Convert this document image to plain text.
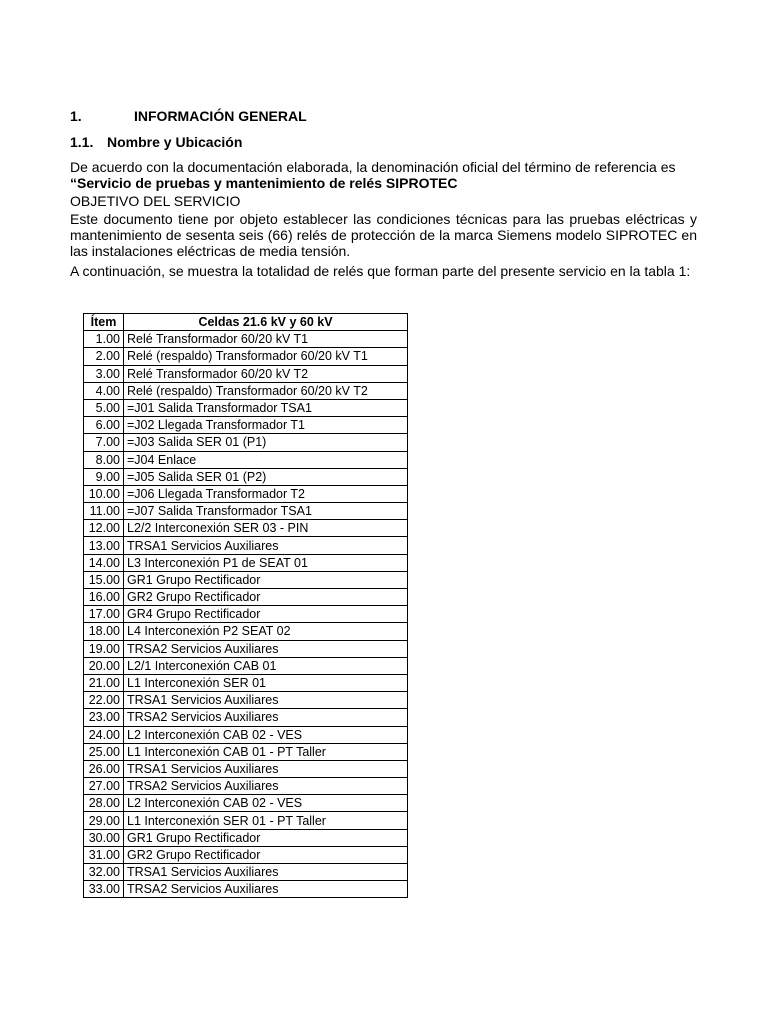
1.	INFORMACIÓN GENERAL
1.1. Nombre y Ubicación
De acuerdo con la documentación elaborada, la denominación oficial del término de referencia es
“Servicio de pruebas y mantenimiento de relés SIPROTEC
OBJETIVO DEL SERVICIO
Este documento tiene por objeto establecer las condiciones técnicas para las pruebas eléctricas y mantenimiento de sesenta seis (66) relés de protección de la marca Siemens modelo SIPROTEC en las instalaciones eléctricas de media tensión.
A continuación, se muestra la totalidad de relés que forman parte del presente servicio en la tabla 1:
Ítem	Celdas 21.6 kV y 60 kV
1.00	Relé Transformador 60/20 kV T1
2.00	Relé (respaldo) Transformador 60/20 kV T1
3.00	Relé Transformador 60/20 kV T2
4.00	Relé (respaldo) Transformador 60/20 kV T2
5.00	=J01 Salida Transformador TSA1
6.00	=J02 Llegada Transformador T1
7.00	=J03 Salida SER 01 (P1)
8.00	=J04 Enlace
9.00	=J05 Salida SER 01 (P2)
10.00	=J06 Llegada Transformador T2
11.00	=J07 Salida Transformador TSA1
12.00	L2/2 Interconexión SER 03 - PIN
13.00	TRSA1 Servicios Auxiliares
14.00	L3 Interconexión P1 de SEAT 01
15.00	GR1 Grupo Rectificador
16.00	GR2 Grupo Rectificador
17.00	GR4 Grupo Rectificador
18.00	L4 Interconexión P2 SEAT 02
19.00	TRSA2 Servicios Auxiliares
20.00	L2/1 Interconexión CAB 01
21.00	L1 Interconexión SER 01
22.00	TRSA1 Servicios Auxiliares
23.00	TRSA2 Servicios Auxiliares
24.00	L2 Interconexión CAB 02 - VES
25.00	L1 Interconexión CAB 01 - PT Taller
26.00	TRSA1 Servicios Auxiliares
27.00	TRSA2 Servicios Auxiliares
28.00	L2 Interconexión CAB 02 - VES
29.00	L1 Interconexión SER 01 - PT Taller
30.00	GR1 Grupo Rectificador
31.00	GR2 Grupo Rectificador
32.00	TRSA1 Servicios Auxiliares
33.00	TRSA2 Servicios Auxiliares
